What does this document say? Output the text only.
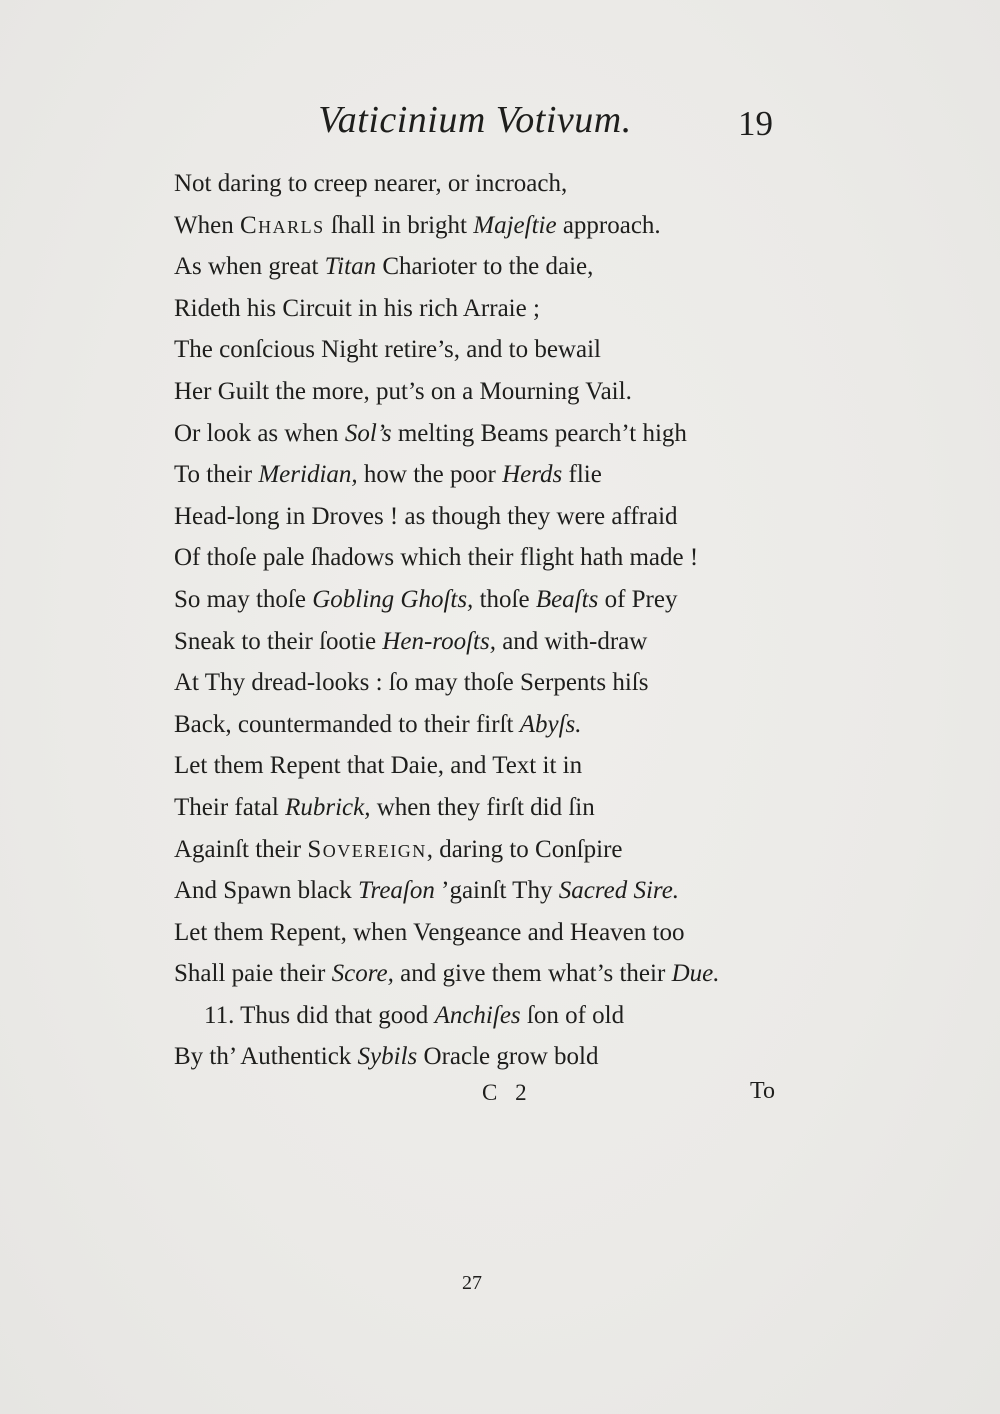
Vaticinium Votivum.	19
Not daring to creep nearer, or incroach,
When Charls ſhall in bright Majeſtie approach.
As when great Titan Charioter to the daie,
Rideth his Circuit in his rich Arraie ;
The conſcious Night retire’s, and to bewail
Her Guilt the more, put’s on a Mourning Vail.
Or look as when Sol’s melting Beams pearch’t high
To their Meridian, how the poor Herds flie
Head-long in Droves ! as though they were affraid
Of thoſe pale ſhadows which their flight hath made !
So may thoſe Gobling Ghoſts, thoſe Beaſts of Prey
Sneak to their ſootie Hen-rooſts, and with-draw
At Thy dread-looks : ſo may thoſe Serpents hiſs
Back, countermanded to their firſt Abyſs.
Let them Repent that Daie, and Text it in
Their fatal Rubrick, when they firſt did ſin
Againſt their Sovereign, daring to Conſpire
And Spawn black Treaſon ’gainſt Thy Sacred Sire.
Let them Repent, when Vengeance and Heaven too
Shall paie their Score, and give them what’s their Due.
11. Thus did that good Anchiſes ſon of old
By th’ Authentick Sybils Oracle grow bold
C 2	To
27
